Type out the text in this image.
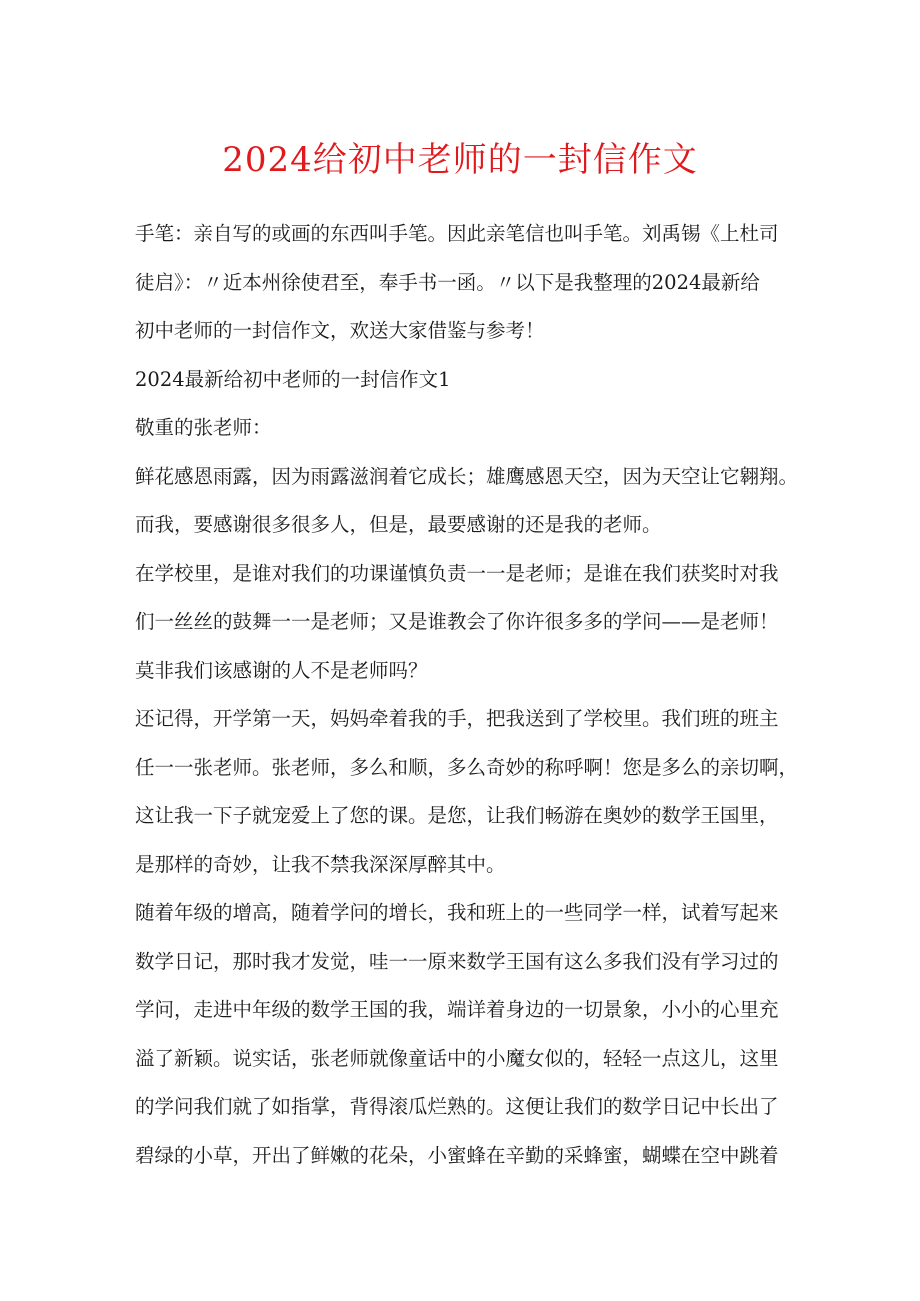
2024给初中老师的一封信作文
手笔：亲自写的或画的东西叫手笔。因此亲笔信也叫手笔。刘禹锡《上杜司
徒启》：〃近本州徐使君至，奉手书一函。〃以下是我整理的2024最新给
初中老师的一封信作文，欢送大家借鉴与参考！
2024最新给初中老师的一封信作文1
敬重的张老师：
鲜花感恩雨露，因为雨露滋润着它成长；雄鹰感恩天空，因为天空让它翱翔。
而我，要感谢很多很多人，但是，最要感谢的还是我的老师。
在学校里，是谁对我们的功课谨慎负责一一是老师；是谁在我们获奖时对我
们一丝丝的鼓舞一一是老师；又是谁教会了你许很多多的学问——是老师！
莫非我们该感谢的人不是老师吗？
还记得，开学第一天，妈妈牵着我的手，把我送到了学校里。我们班的班主
任一一张老师。张老师，多么和顺，多么奇妙的称呼啊！您是多么的亲切啊，
这让我一下子就宠爱上了您的课。是您，让我们畅游在奥妙的数学王国里，
是那样的奇妙，让我不禁我深深厚醉其中。
随着年级的增高，随着学问的增长，我和班上的一些同学一样，试着写起来
数学日记，那时我才发觉，哇一一原来数学王国有这么多我们没有学习过的
学问，走进中年级的数学王国的我，端详着身边的一切景象，小小的心里充
溢了新颖。说实话，张老师就像童话中的小魔女似的，轻轻一点这儿，这里
的学问我们就了如指掌，背得滚瓜烂熟的。这便让我们的数学日记中长出了
碧绿的小草，开出了鲜嫩的花朵，小蜜蜂在辛勤的采蜂蜜，蝴蝶在空中跳着
